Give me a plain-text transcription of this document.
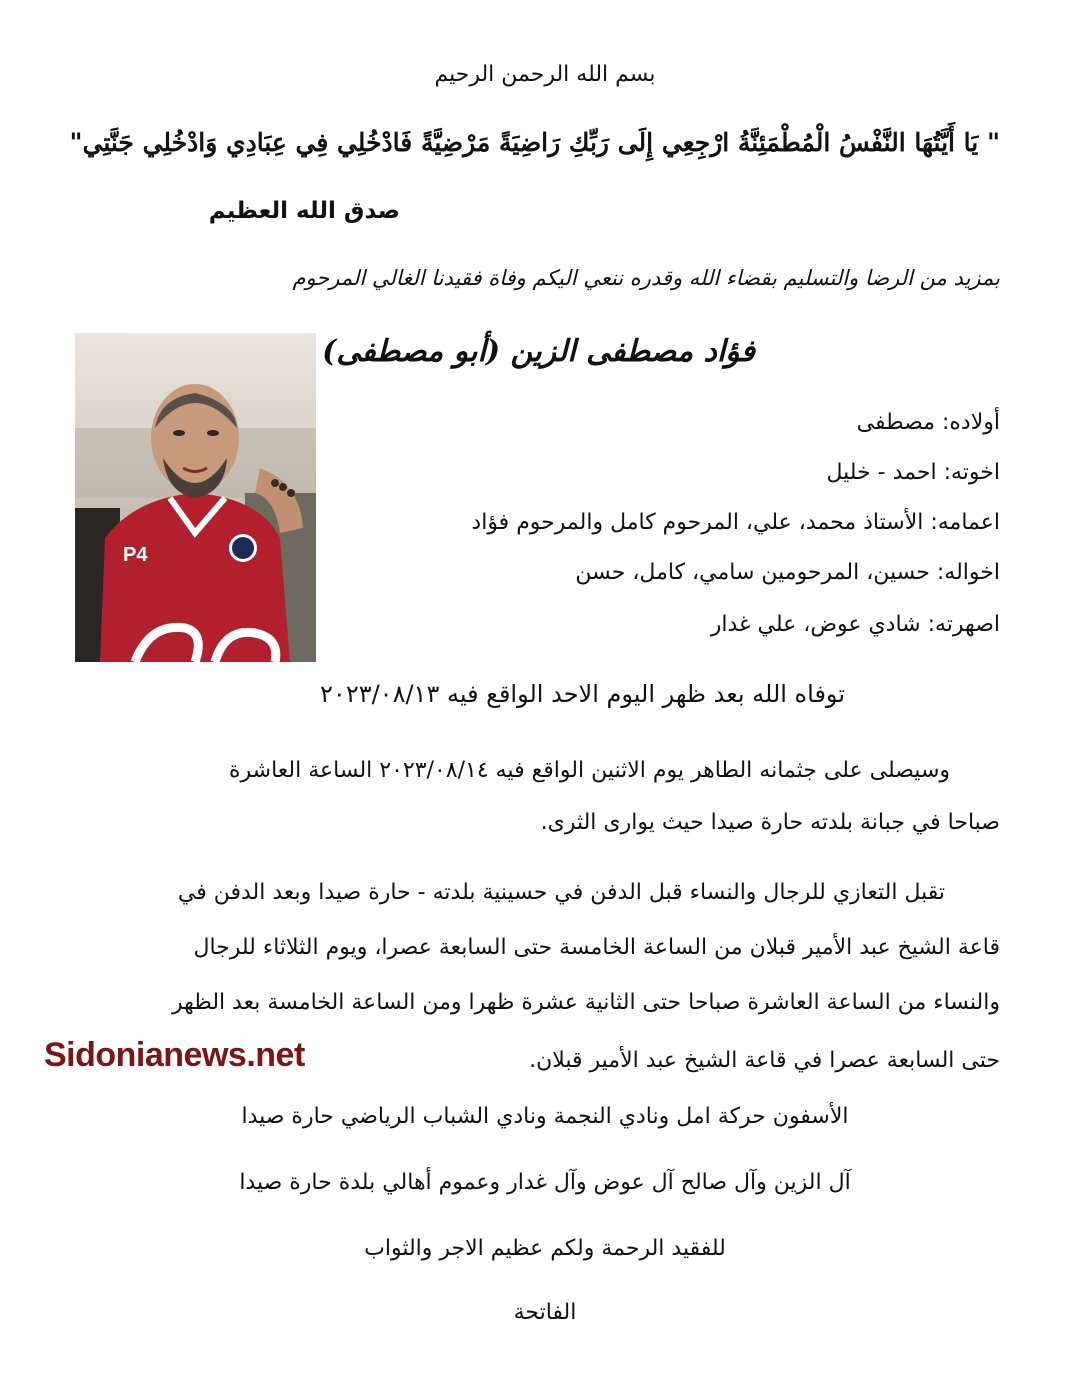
بسم الله الرحمن الرحيم
" يَا أَيَّتُهَا النَّفْسُ الْمُطْمَئِنَّةُ ارْجِعِي إِلَى رَبِّكِ رَاضِيَةً مَرْضِيَّةً فَادْخُلِي فِي عِبَادِي وَادْخُلِي جَنَّتِي"
صدق الله العظيم
بمزيد من الرضا والتسليم بقضاء الله وقدره ننعي اليكم وفاة فقيدنا الغالي المرحوم
فؤاد مصطفى الزين (أبو مصطفى)
P4
أولاده: مصطفى
اخوته: احمد - خليل
اعمامه: الأستاذ محمد، علي، المرحوم كامل والمرحوم فؤاد
اخواله: حسين، المرحومين سامي، كامل، حسن
اصهرته: شادي عوض، علي غدار
توفاه الله بعد ظهر اليوم الاحد الواقع فيه ٢٠٢٣/٠٨/١٣
وسيصلى على جثمانه الطاهر يوم الاثنين الواقع فيه ٢٠٢٣/٠٨/١٤ الساعة العاشرة
صباحا في جبانة بلدته حارة صيدا حيث يوارى الثرى.
تقبل التعازي للرجال والنساء قبل الدفن في حسينية بلدته - حارة صيدا وبعد الدفن في
قاعة الشيخ عبد الأمير قبلان من الساعة الخامسة حتى السابعة عصرا، ويوم الثلاثاء للرجال
والنساء من الساعة العاشرة صباحا حتى الثانية عشرة ظهرا ومن الساعة الخامسة بعد الظهر
حتى السابعة عصرا في قاعة الشيخ عبد الأمير قبلان.
Sidonianews.net
الأسفون حركة امل ونادي النجمة ونادي الشباب الرياضي حارة صيدا
آل الزين وآل صالح آل عوض وآل غدار وعموم أهالي بلدة حارة صيدا
للفقيد الرحمة ولكم عظيم الاجر والثواب
الفاتحة
